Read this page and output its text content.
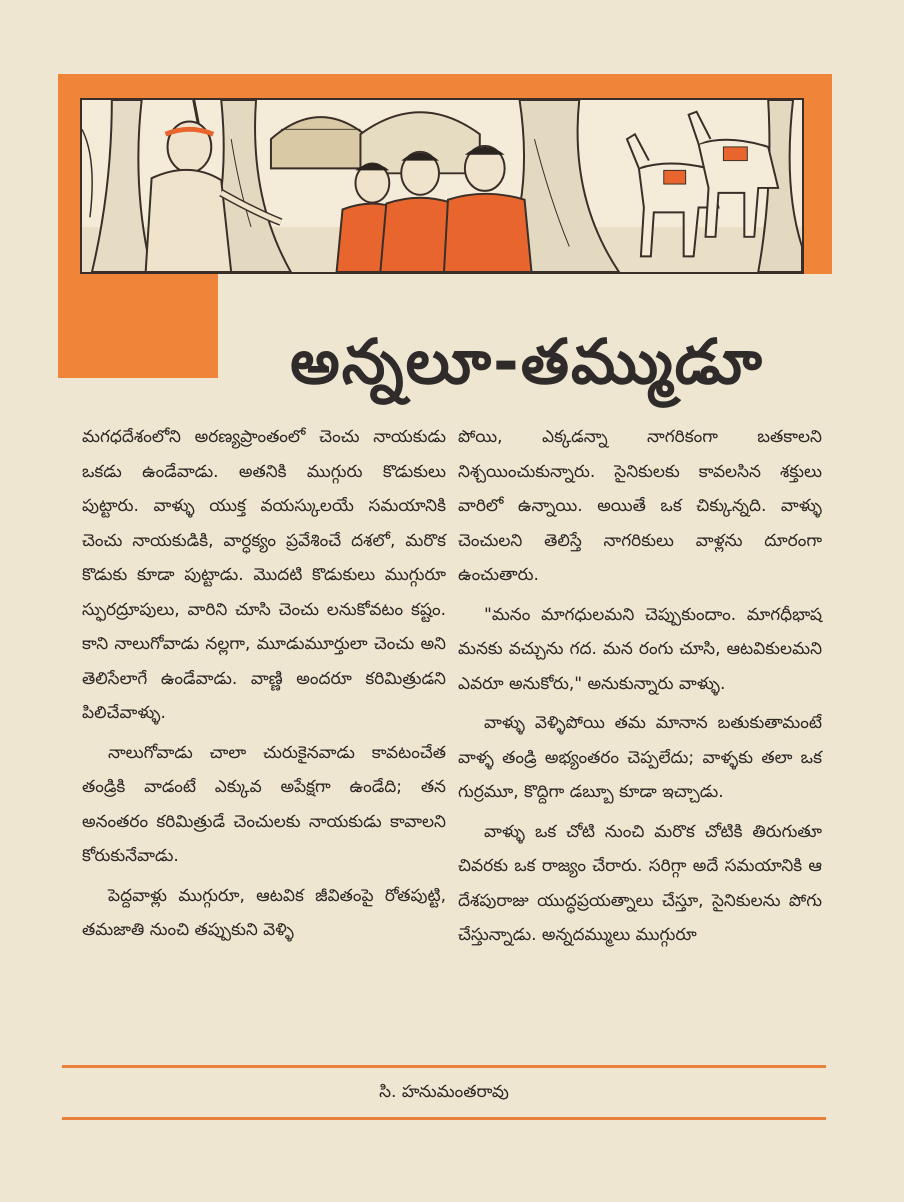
అన్నలూ-తమ్ముడూ

మగధదేశంలోని అరణ్యప్రాంతంలో చెంచు నాయకుడు ఒకడు ఉండేవాడు. అతనికి ముగ్గురు కొడుకులు పుట్టారు. వాళ్ళు యుక్త వయస్కులయే సమయానికి చెంచు నాయకుడికి, వార్ధక్యం ప్రవేశించే దశలో, మరొక కొడుకు కూడా పుట్టాడు. మొదటి కొడుకులు ముగ్గురూ స్ఫురద్రూపులు, వారిని చూసి చెంచు లనుకోవటం కష్టం. కాని నాలుగోవాడు నల్లగా, మూడుమూర్తులా చెంచు అని తెలిసేలాగే ఉండేవాడు. వాణ్ణి అందరూ కరిమిత్రుడని పిలిచేవాళ్ళు.

నాలుగోవాడు చాలా చురుకైనవాడు కావటంచేత తండ్రికి వాడంటే ఎక్కువ అపేక్షగా ఉండేది; తన అనంతరం కరిమిత్రుడే చెంచులకు నాయకుడు కావాలని కోరుకునేవాడు.

పెద్దవాళ్లు ముగ్గురూ, ఆటవిక జీవితంపై రోతపుట్టి, తమజాతి నుంచి తప్పుకుని వెళ్ళి

పోయి, ఎక్కడన్నా నాగరికంగా బతకాలని నిశ్చయించుకున్నారు. సైనికులకు కావలసిన శక్తులు వారిలో ఉన్నాయి. అయితే ఒక చిక్కున్నది. వాళ్ళు చెంచులని తెలిస్తే నాగరికులు వాళ్లను దూరంగా ఉంచుతారు.

"మనం మాగధులమని చెప్పుకుందాం. మాగధీభాష మనకు వచ్చును గద. మన రంగు చూసి, ఆటవికులమని ఎవరూ అనుకోరు," అనుకున్నారు వాళ్ళు.

వాళ్ళు వెళ్ళిపోయి తమ మానాన బతుకుతామంటే వాళ్ళ తండ్రి అభ్యంతరం చెప్పలేదు; వాళ్ళకు తలా ఒక గుర్రమూ, కొద్దిగా డబ్బూ కూడా ఇచ్చాడు.

వాళ్ళు ఒక చోటి నుంచి మరొక చోటికి తిరుగుతూ చివరకు ఒక రాజ్యం చేరారు. సరిగ్గా అదే సమయానికి ఆ దేశపురాజు యుద్ధప్రయత్నాలు చేస్తూ, సైనికులను పోగు చేస్తున్నాడు. అన్నదమ్ములు ముగ్గురూ

సి. హనుమంతరావు
